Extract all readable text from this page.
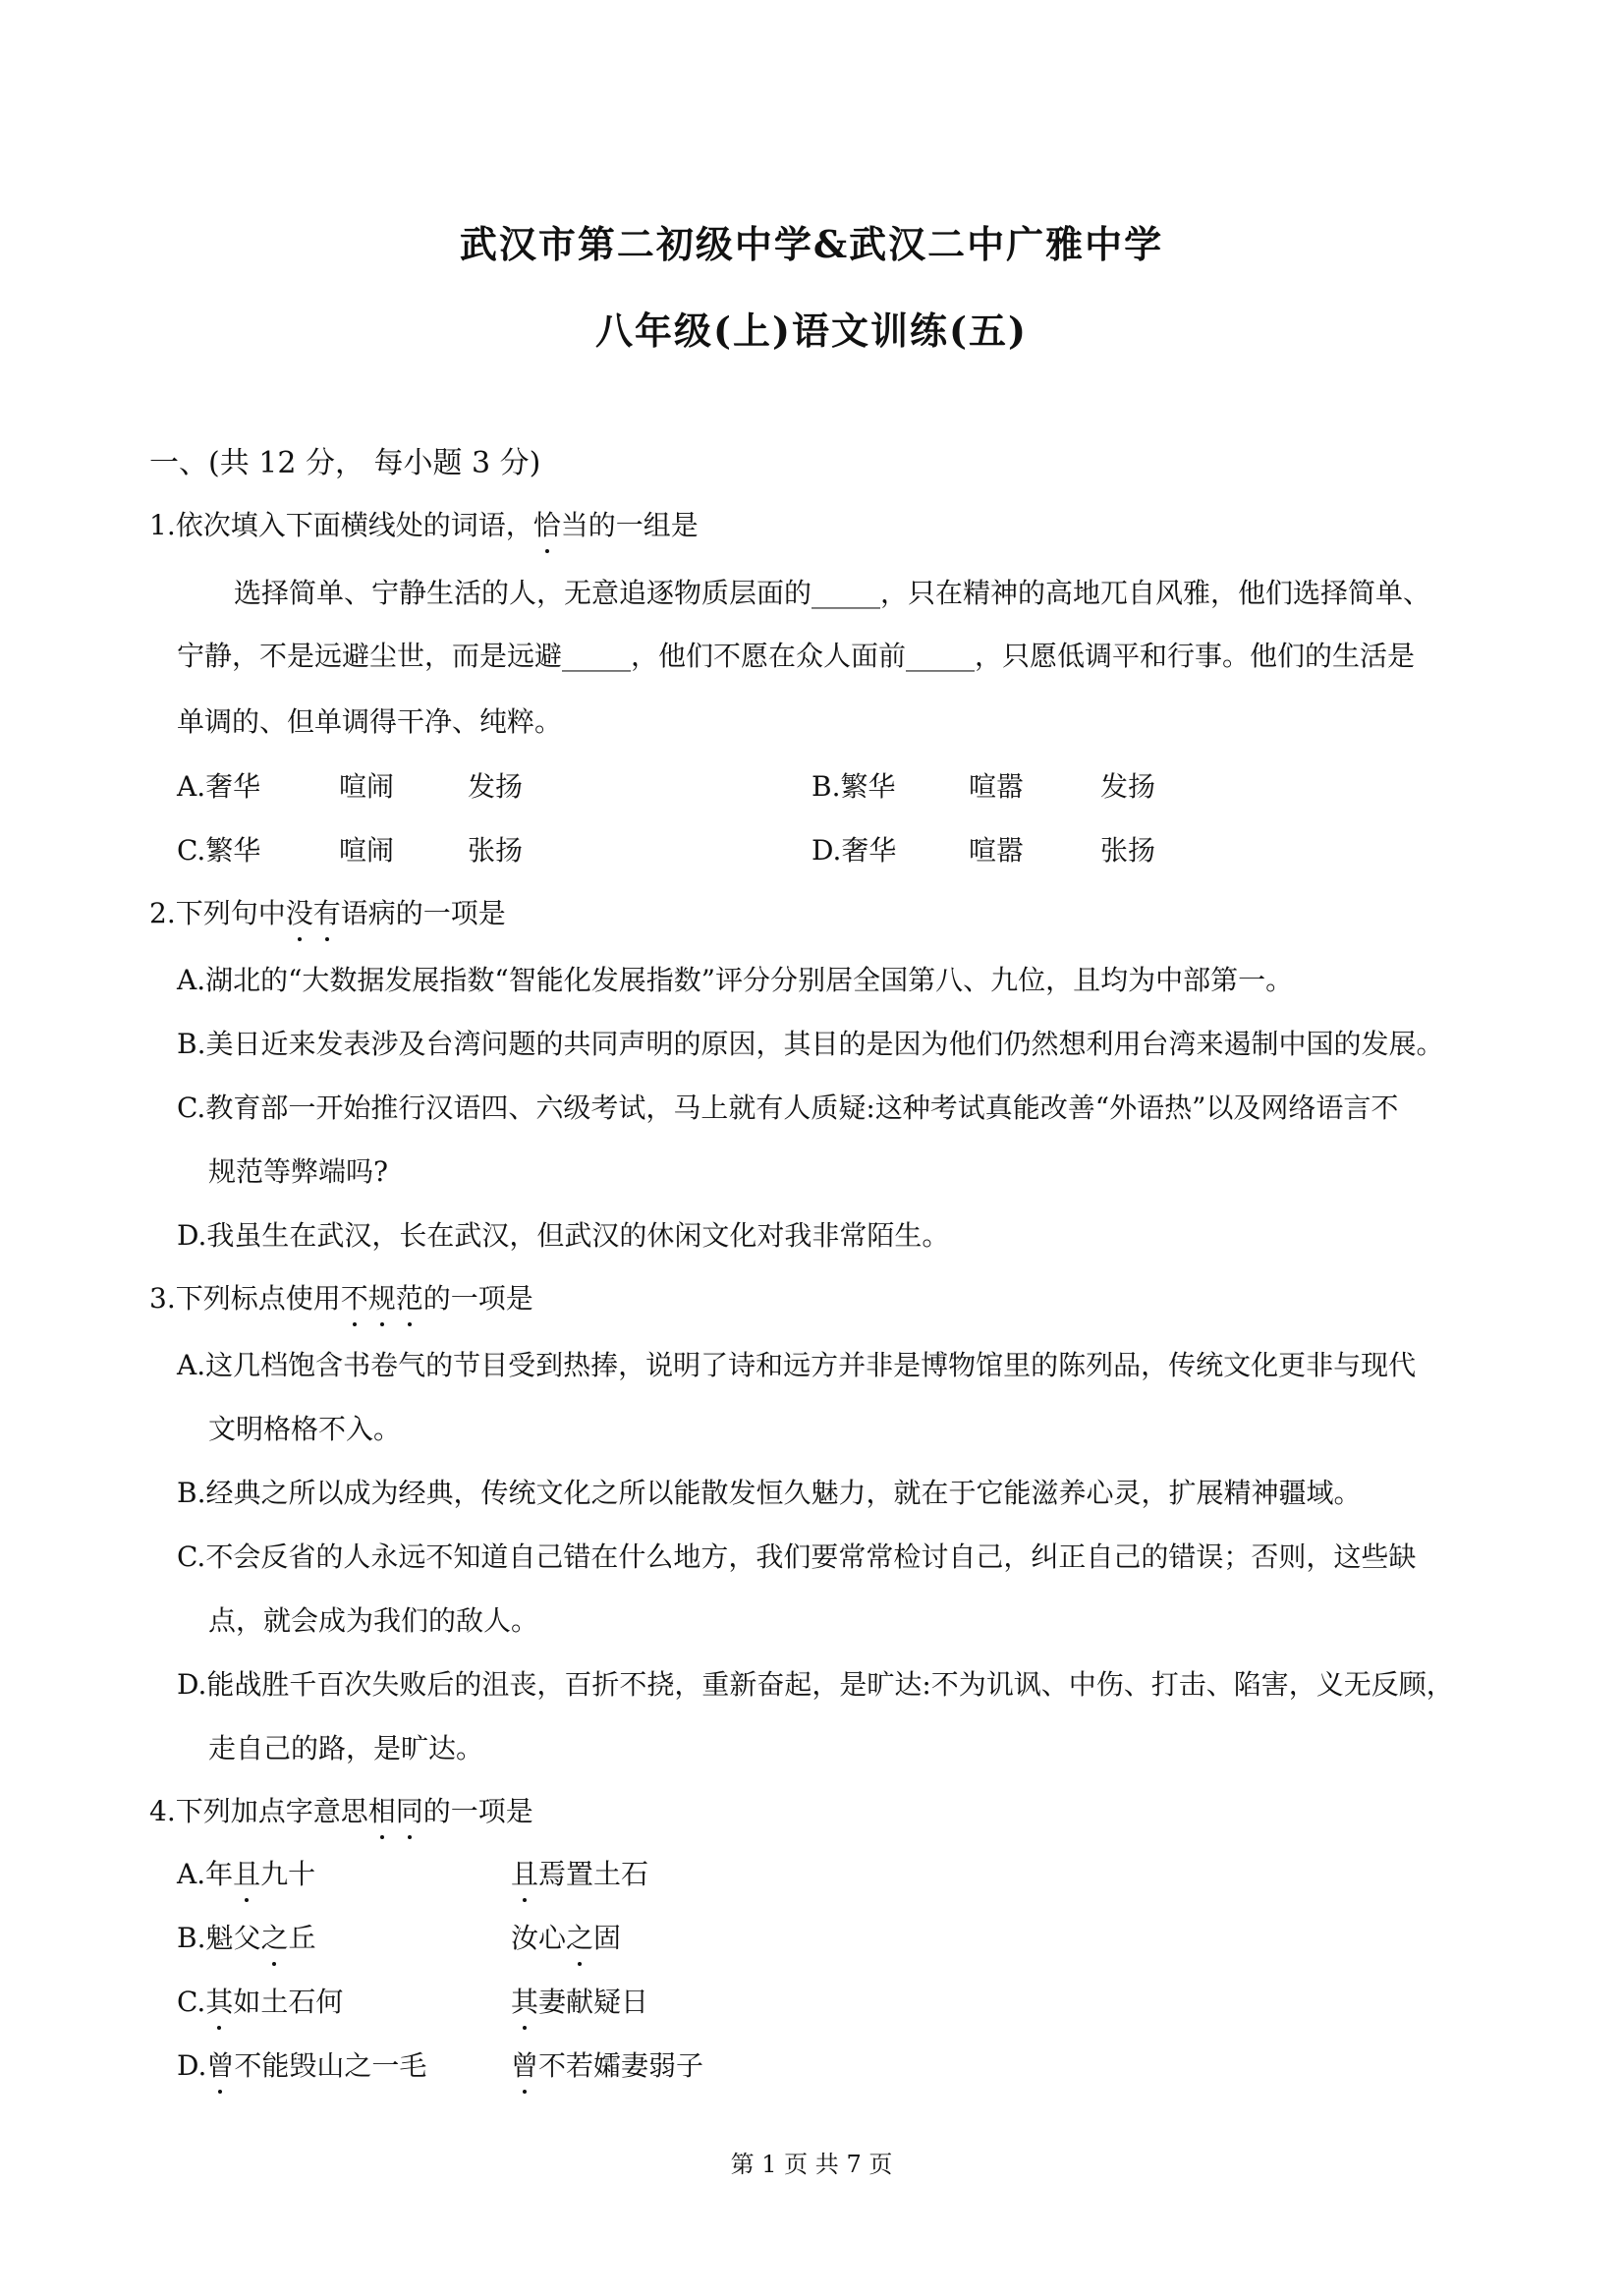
武汉市第二初级中学&武汉二中广雅中学
八年级(上)语文训练(五)
一、(共 12 分， 每小题 3 分)
1.依次填入下面横线处的词语，恰当的一组是
选择简单、宁静生活的人，无意追逐物质层面的_____，只在精神的高地兀自风雅，他们选择简单、
宁静，不是远避尘世，而是远避_____，他们不愿在众人面前_____，只愿低调平和行事。他们的生活是
单调的、但单调得干净、纯粹。
A.奢华	喧闹	发扬	B.繁华	喧嚣	发扬
C.繁华	喧闹	张扬	D.奢华	喧嚣	张扬
2.下列句中没有语病的一项是
A.湖北的“大数据发展指数“智能化发展指数”评分分别居全国第八、九位，且均为中部第一。
B.美日近来发表涉及台湾问题的共同声明的原因，其目的是因为他们仍然想利用台湾来遏制中国的发展。
C.教育部一开始推行汉语四、六级考试，马上就有人质疑:这种考试真能改善“外语热”以及网络语言不
规范等弊端吗?
D.我虽生在武汉，长在武汉，但武汉的休闲文化对我非常陌生。
3.下列标点使用不规范的一项是
A.这几档饱含书卷气的节目受到热捧，说明了诗和远方并非是博物馆里的陈列品，传统文化更非与现代
文明格格不入。
B.经典之所以成为经典，传统文化之所以能散发恒久魅力，就在于它能滋养心灵，扩展精神疆域。
C.不会反省的人永远不知道自己错在什么地方，我们要常常检讨自己，纠正自己的错误；否则，这些缺
点，就会成为我们的敌人。
D.能战胜千百次失败后的沮丧，百折不挠，重新奋起，是旷达:不为讥讽、中伤、打击、陷害，义无反顾，
走自己的路，是旷达。
4.下列加点字意思相同的一项是
A.年且九十	且焉置土石
B.魁父之丘	汝心之固
C.其如土石何	其妻献疑日
D.曾不能毁山之一毛	曾不若孀妻弱子
第 1 页 共 7 页
